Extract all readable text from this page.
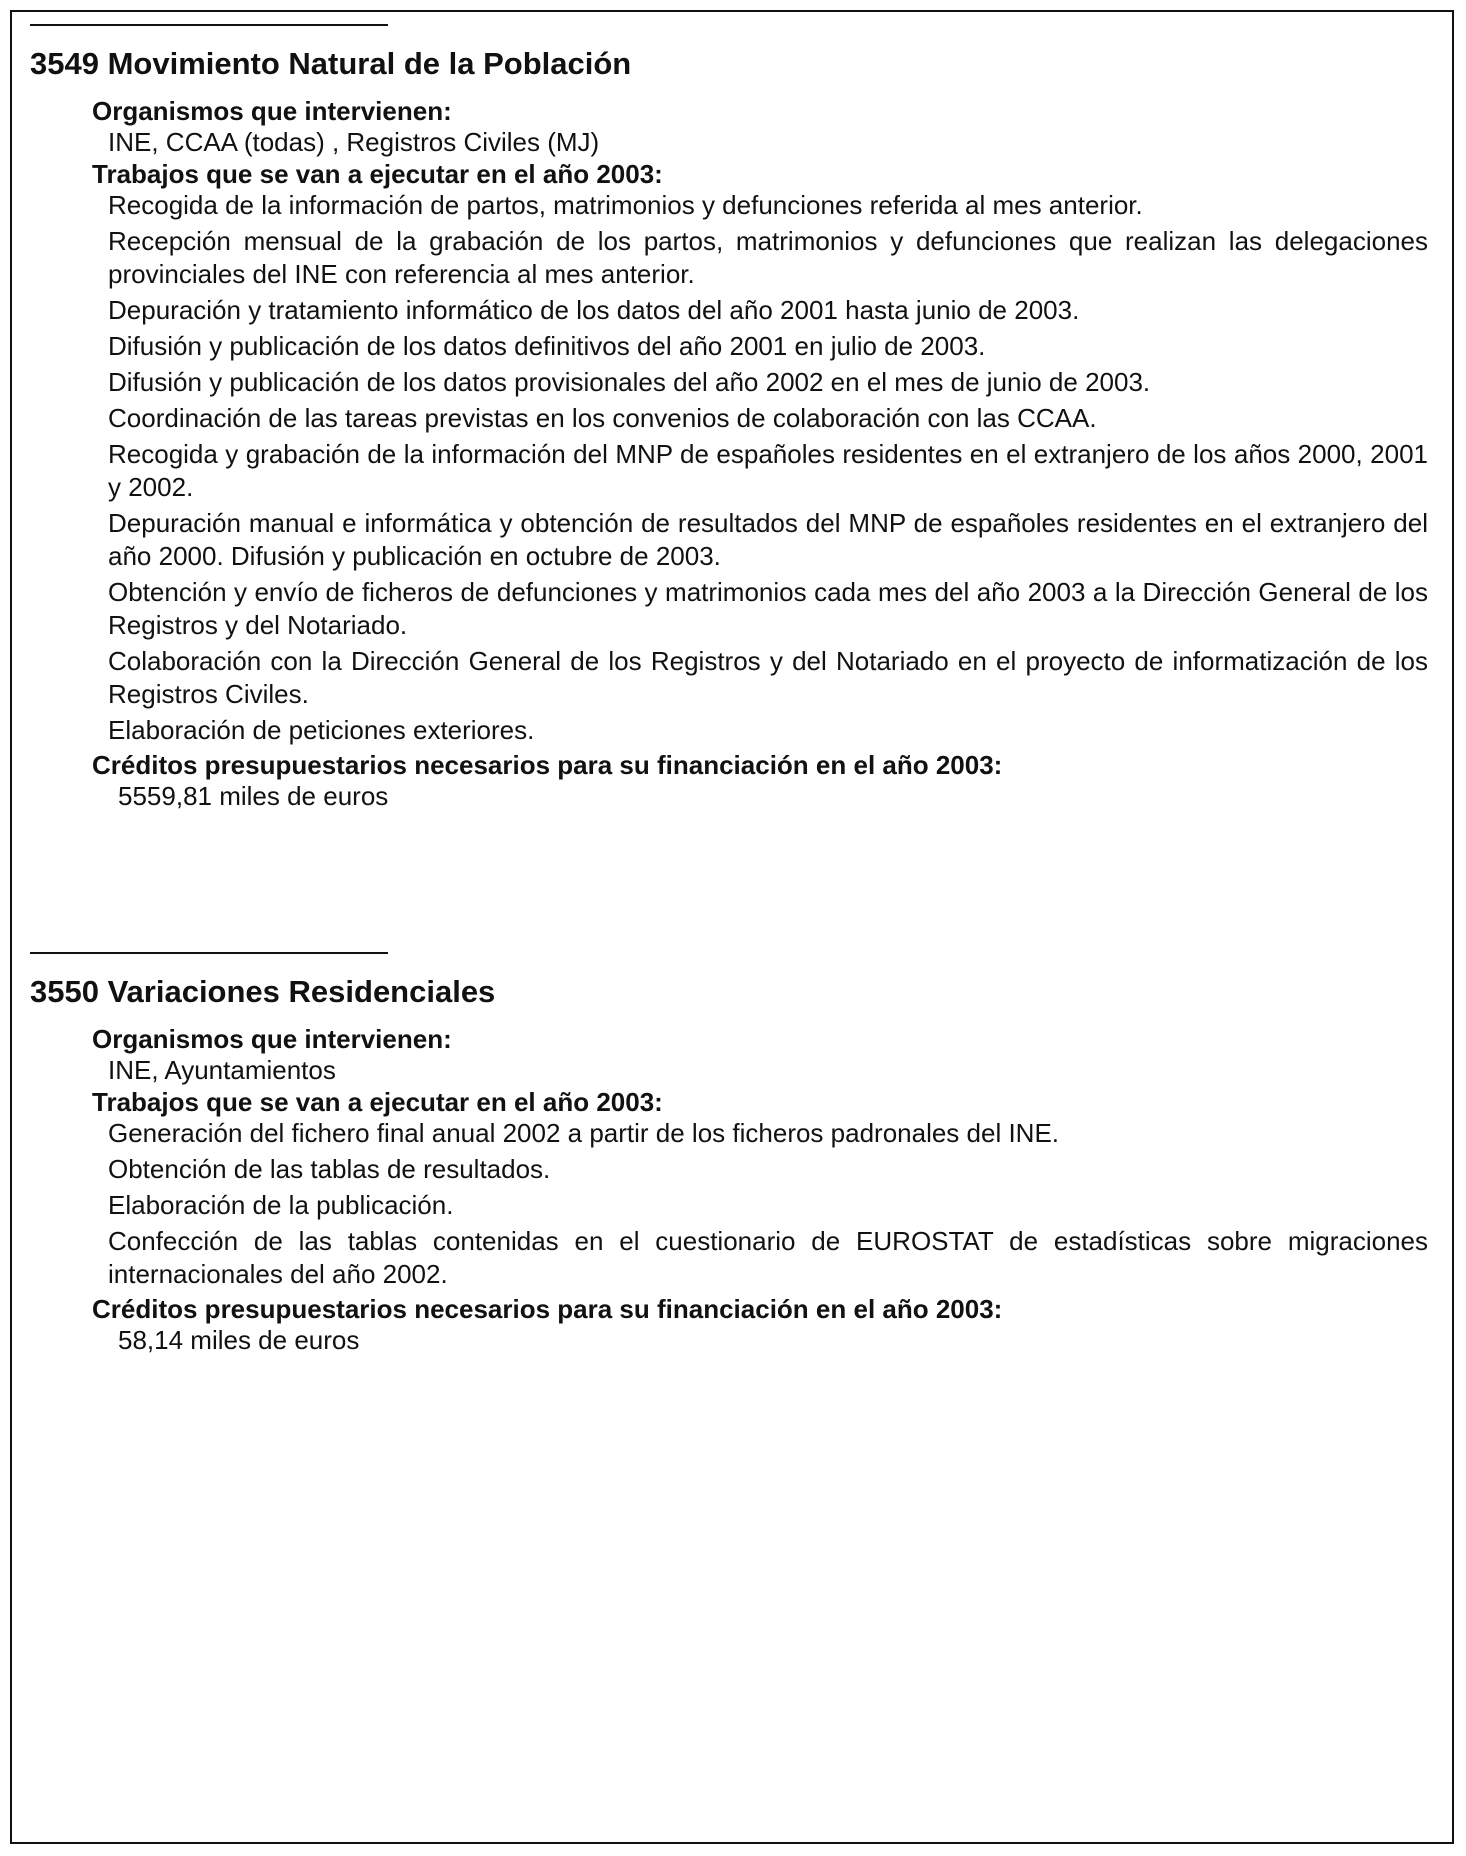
3549 Movimiento Natural de la Población
Organismos que intervienen:
INE, CCAA (todas) , Registros Civiles (MJ)
Trabajos que se van a ejecutar en el año 2003:
Recogida de la información de partos, matrimonios y defunciones referida al mes anterior.
Recepción mensual de la grabación de los partos, matrimonios y defunciones que realizan las delegaciones provinciales del INE con referencia al mes anterior.
Depuración y tratamiento informático de los datos del año 2001 hasta junio de 2003.
Difusión y publicación de los datos definitivos del año 2001 en julio de 2003.
Difusión y publicación de los datos provisionales del año 2002 en el mes de junio de 2003.
Coordinación de las tareas previstas en los convenios de colaboración con las CCAA.
Recogida y grabación de la información del MNP de españoles residentes en el extranjero de los años 2000, 2001 y 2002.
Depuración manual e informática y obtención de resultados del MNP de españoles residentes en el extranjero del año 2000. Difusión y publicación en octubre de 2003.
Obtención y envío de ficheros de defunciones y matrimonios cada mes del año 2003 a la Dirección General de los Registros y del Notariado.
Colaboración con la Dirección General de los Registros y del Notariado en el proyecto de informatización de los Registros Civiles.
Elaboración de peticiones exteriores.
Créditos presupuestarios necesarios para su financiación en el año 2003:
5559,81 miles de euros
3550 Variaciones Residenciales
Organismos que intervienen:
INE, Ayuntamientos
Trabajos que se van a ejecutar en el año 2003:
Generación del fichero final anual 2002 a partir de los ficheros padronales del INE.
Obtención de las tablas de resultados.
Elaboración de la publicación.
Confección de las tablas contenidas en el cuestionario de EUROSTAT de estadísticas sobre migraciones internacionales del año 2002.
Créditos presupuestarios necesarios para su financiación en el año 2003:
58,14 miles de euros
